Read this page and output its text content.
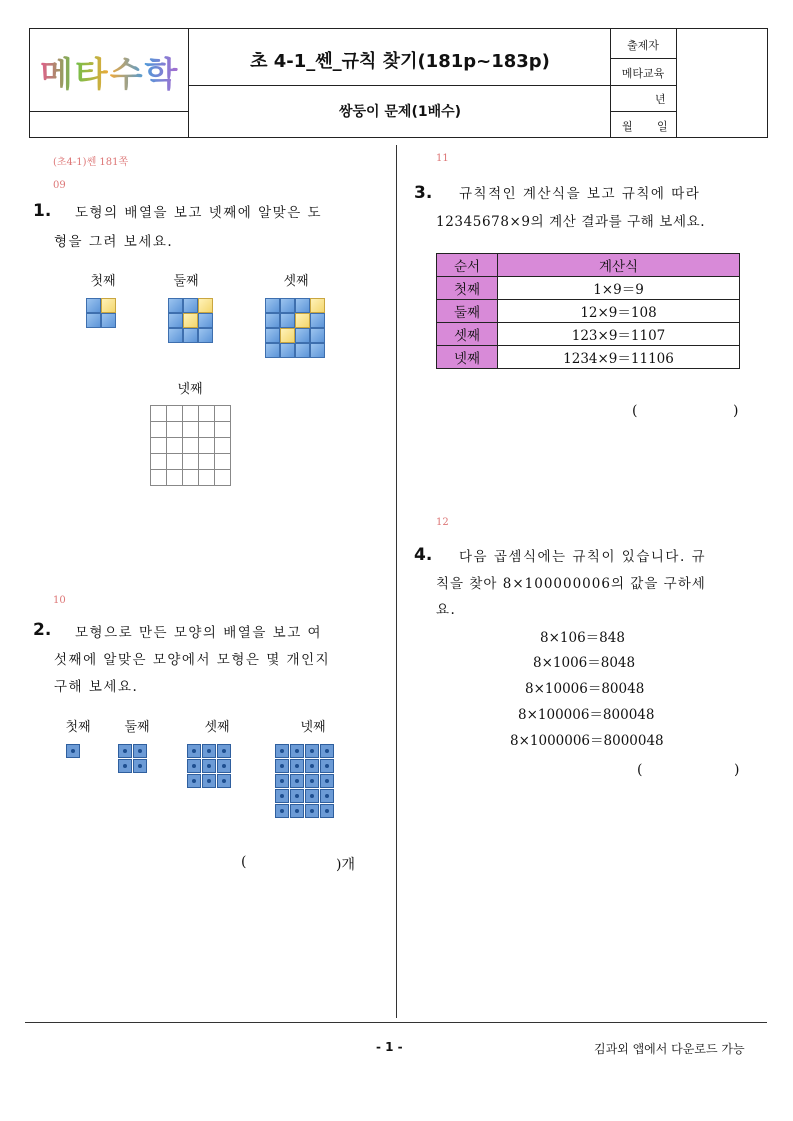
메타수학	초 4-1_쎈_규칙 찾기(181p~183p)
쌍둥이 문제(1배수)
출제자
메타교육
년
월 일
(초4-1)쎈 181쪽
09
1. 도형의 배열을 보고 넷째에 알맞은 도
형을 그려 보세요.
첫째	둘째	셋째
넷째
10
2. 모형으로 만든 모양의 배열을 보고 여
섯째에 알맞은 모양에서 모형은 몇 개인지
구해 보세요.
첫째	둘째	셋째	넷째
(	)개
11
3. 규칙적인 계산식을 보고 규칙에 따라
12345678×9의 계산 결과를 구해 보세요.
순서	계산식
첫째	1×9＝9
둘째	12×9＝108
셋째	123×9＝1107
넷째	1234×9＝11106
(	)
12
4. 다음 곱셈식에는 규칙이 있습니다. 규
칙을 찾아 8×100000006의 값을 구하세
요.
8×106＝848
8×1006＝8048
8×10006＝80048
8×100006＝800048
8×1000006＝8000048
(	)
- 1 -	김과외 앱에서 다운로드 가능
